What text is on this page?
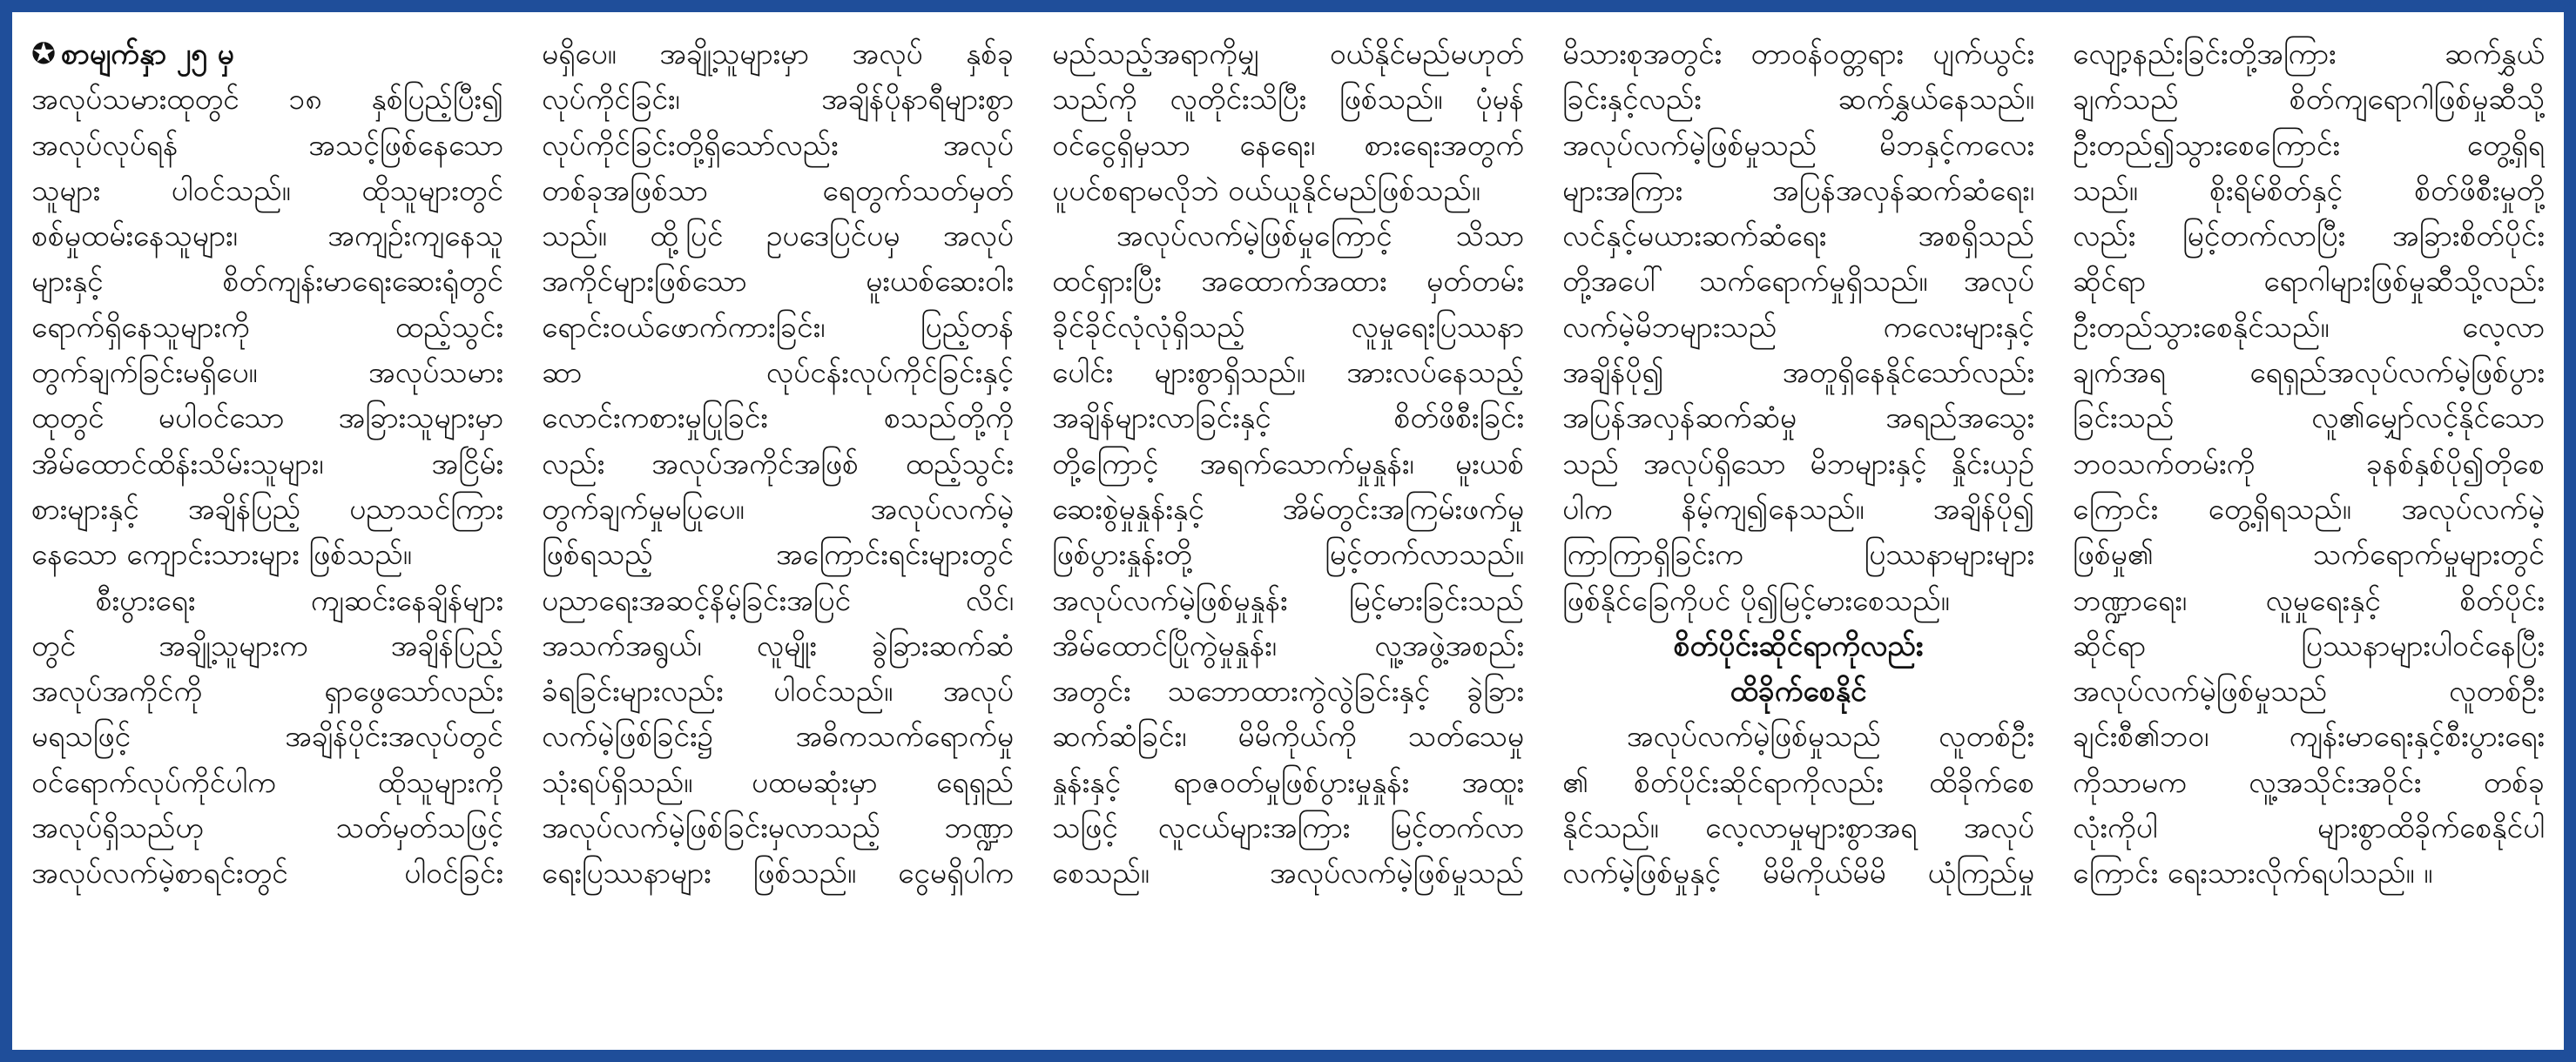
✪ စာမျက်နှာ ၂၅ မှ
အလုပ်သမားထုတွင် ၁၈ နှစ်ပြည့်ပြီး၍
အလုပ်လုပ်ရန် အသင့်ဖြစ်နေသော
သူများ ပါဝင်သည်။ ထိုသူများတွင်
စစ်မှုထမ်းနေသူများ၊ အကျဉ်းကျနေသူ
များနှင့် စိတ်ကျန်းမာရေးဆေးရုံတွင်
ရောက်ရှိနေသူများကို ထည့်သွင်း
တွက်ချက်ခြင်းမရှိပေ။ အလုပ်သမား
ထုတွင် မပါဝင်သော အခြားသူများမှာ
အိမ်ထောင်ထိန်းသိမ်းသူများ၊ အငြိမ်း
စားများနှင့် အချိန်ပြည့် ပညာသင်ကြား
နေသော ကျောင်းသားများ ဖြစ်သည်။
စီးပွားရေး ကျဆင်းနေချိန်များ
တွင် အချို့သူများက အချိန်ပြည့်
အလုပ်အကိုင်ကို ရှာဖွေသော်လည်း
မရသဖြင့် အချိန်ပိုင်းအလုပ်တွင်
ဝင်ရောက်လုပ်ကိုင်ပါက ထိုသူများကို
အလုပ်ရှိသည်ဟု သတ်မှတ်သဖြင့်
အလုပ်လက်မဲ့စာရင်းတွင် ပါဝင်ခြင်း
မရှိပေ။ အချို့သူများမှာ အလုပ် နှစ်ခု
လုပ်ကိုင်ခြင်း၊ အချိန်ပိုနာရီများစွာ
လုပ်ကိုင်ခြင်းတို့ရှိသော်လည်း အလုပ်
တစ်ခုအဖြစ်သာ ရေတွက်သတ်မှတ်
သည်။ ထို့ပြင် ဥပဒေပြင်ပမှ အလုပ်
အကိုင်များဖြစ်သော မူးယစ်ဆေးဝါး
ရောင်းဝယ်ဖောက်ကားခြင်း၊ ပြည့်တန်
ဆာ လုပ်ငန်းလုပ်ကိုင်ခြင်းနှင့်
လောင်းကစားမှုပြုခြင်း စသည်တို့ကို
လည်း အလုပ်အကိုင်အဖြစ် ထည့်သွင်း
တွက်ချက်မှုမပြုပေ။ အလုပ်လက်မဲ့
ဖြစ်ရသည့် အကြောင်းရင်းများတွင်
ပညာရေးအဆင့်နိမ့်ခြင်းအပြင် လိင်၊
အသက်အရွယ်၊ လူမျိုး ခွဲခြားဆက်ဆံ
ခံရခြင်းများလည်း ပါဝင်သည်။ အလုပ်
လက်မဲ့ဖြစ်ခြင်း၌ အဓိကသက်ရောက်မှု
သုံးရပ်ရှိသည်။ ပထမဆုံးမှာ ရေရှည်
အလုပ်လက်မဲ့ဖြစ်ခြင်းမှလာသည့် ဘဏ္ဍာ
ရေးပြဿနာများ ဖြစ်သည်။ ငွေမရှိပါက
မည်သည့်အရာကိုမျှ ဝယ်နိုင်မည်မဟုတ်
သည်ကို လူတိုင်းသိပြီး ဖြစ်သည်။ ပုံမှန်
ဝင်ငွေရှိမှသာ နေရေး၊ စားရေးအတွက်
ပူပင်စရာမလိုဘဲ ဝယ်ယူနိုင်မည်ဖြစ်သည်။
အလုပ်လက်မဲ့ဖြစ်မှုကြောင့် သိသာ
ထင်ရှားပြီး အထောက်အထား မှတ်တမ်း
ခိုင်ခိုင်လုံလုံရှိသည့် လူမှုရေးပြဿနာ
ပေါင်း များစွာရှိသည်။ အားလပ်နေသည့်
အချိန်များလာခြင်းနှင့် စိတ်ဖိစီးခြင်း
တို့ကြောင့် အရက်သောက်မှုနှုန်း၊ မူးယစ်
ဆေးစွဲမှုနှုန်းနှင့် အိမ်တွင်းအကြမ်းဖက်မှု
ဖြစ်ပွားနှုန်းတို့ မြင့်တက်လာသည်။
အလုပ်လက်မဲ့ဖြစ်မှုနှုန်း မြင့်မားခြင်းသည်
အိမ်ထောင်ပြိုကွဲမှုနှုန်း၊ လူ့အဖွဲ့အစည်း
အတွင်း သဘောထားကွဲလွဲခြင်းနှင့် ခွဲခြား
ဆက်ဆံခြင်း၊ မိမိကိုယ်ကို သတ်သေမှု
နှုန်းနှင့် ရာဇဝတ်မှုဖြစ်ပွားမှုနှုန်း အထူး
သဖြင့် လူငယ်များအကြား မြင့်တက်လာ
စေသည်။ အလုပ်လက်မဲ့ဖြစ်မှုသည်
မိသားစုအတွင်း တာဝန်ဝတ္တရား ပျက်ယွင်း
ခြင်းနှင့်လည်း ဆက်နွှယ်နေသည်။
အလုပ်လက်မဲ့ဖြစ်မှုသည် မိဘနှင့်ကလေး
များအကြား အပြန်အလှန်ဆက်ဆံရေး၊
လင်နှင့်မယားဆက်ဆံရေး အစရှိသည်
တို့အပေါ် သက်ရောက်မှုရှိသည်။ အလုပ်
လက်မဲ့မိဘများသည် ကလေးများနှင့်
အချိန်ပို၍ အတူရှိနေနိုင်သော်လည်း
အပြန်အလှန်ဆက်ဆံမှု အရည်အသွေး
သည် အလုပ်ရှိသော မိဘများနှင့် နှိုင်းယှဉ်
ပါက နိမ့်ကျ၍နေသည်။ အချိန်ပို၍
ကြာကြာရှိခြင်းက ပြဿနာများများ
ဖြစ်နိုင်ခြေကိုပင် ပို၍မြင့်မားစေသည်။
စိတ်ပိုင်းဆိုင်ရာကိုလည်း
ထိခိုက်စေနိုင်
အလုပ်လက်မဲ့ဖြစ်မှုသည် လူတစ်ဦး
၏ စိတ်ပိုင်းဆိုင်ရာကိုလည်း ထိခိုက်စေ
နိုင်သည်။ လေ့လာမှုများစွာအရ အလုပ်
လက်မဲ့ဖြစ်မှုနှင့် မိမိကိုယ်မိမိ ယုံကြည်မှု
လျော့နည်းခြင်းတို့အကြား ဆက်နွှယ်
ချက်သည် စိတ်ကျရောဂါဖြစ်မှုဆီသို့
ဦးတည်၍သွားစေကြောင်း တွေ့ရှိရ
သည်။ စိုးရိမ်စိတ်နှင့် စိတ်ဖိစီးမှုတို့
လည်း မြင့်တက်လာပြီး အခြားစိတ်ပိုင်း
ဆိုင်ရာ ရောဂါများဖြစ်မှုဆီသို့လည်း
ဦးတည်သွားစေနိုင်သည်။ လေ့လာ
ချက်အရ ရေရှည်အလုပ်လက်မဲ့ဖြစ်ပွား
ခြင်းသည် လူ၏မျှော်လင့်နိုင်သော
ဘဝသက်တမ်းကို ခုနစ်နှစ်ပို၍တိုစေ
ကြောင်း တွေ့ရှိရသည်။ အလုပ်လက်မဲ့
ဖြစ်မှု၏ သက်ရောက်မှုများတွင်
ဘဏ္ဍာရေး၊ လူမှုရေးနှင့် စိတ်ပိုင်း
ဆိုင်ရာ ပြဿနာများပါဝင်နေပြီး
အလုပ်လက်မဲ့ဖြစ်မှုသည် လူတစ်ဦး
ချင်းစီ၏ဘဝ၊ ကျန်းမာရေးနှင့်စီးပွားရေး
ကိုသာမက လူ့အသိုင်းအဝိုင်း တစ်ခု
လုံးကိုပါ များစွာထိခိုက်စေနိုင်ပါ
ကြောင်း ရေးသားလိုက်ရပါသည်။ ။
